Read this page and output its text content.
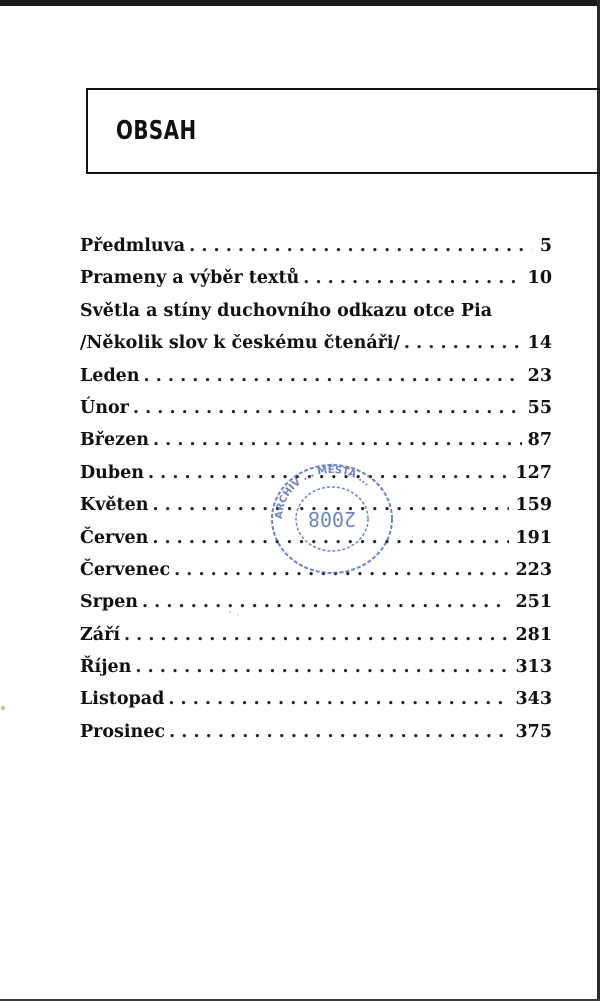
OBSAH
Předmluva . . .	5
Prameny a výběr textů . . .	10
Světla a stíny duchovního odkazu otce Pia
/Několik slov k českému čtenáři/ . . .	14
Leden . . .	23
Únor . . .	55
Březen . . .	87
Duben . . .	127
Květen . . .	159
Červen . . .	191
Červenec . . .	223
Srpen . . .	251
Září . . .	281
Říjen . . .	313
Listopad . . .	343
Prosinec . . .	375
ARCHIV ... MĚSTA ...
2008
